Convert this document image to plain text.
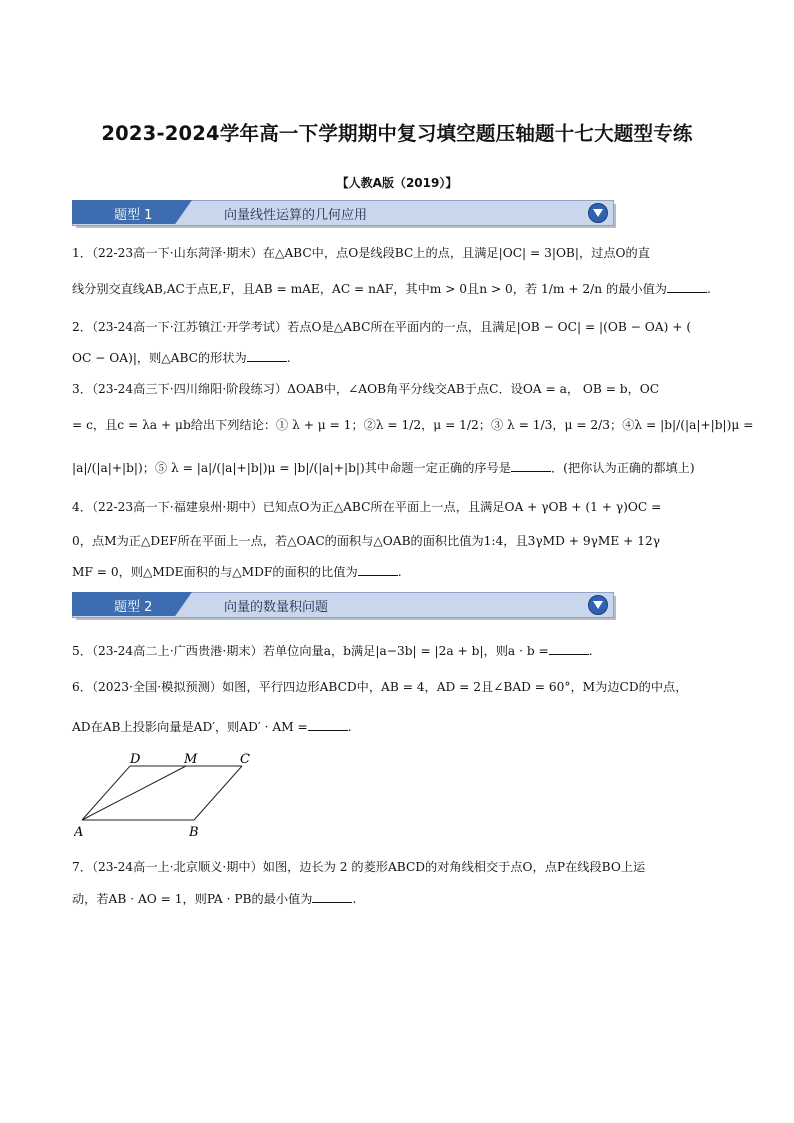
2023-2024学年高一下学期期中复习填空题压轴题十七大题型专练
【人教A版（2019）】
题型 1	向量线性运算的几何应用
1．（22-23高一下·山东菏泽·期末）在△ABC中，点O是线段BC上的点，且满足|OC| = 3|OB|，过点O的直
线分别交直线AB,AC于点E,F，且AB = mAE，AC = nAF，其中m > 0且n > 0，若 1/m + 2/n 的最小值为	.
2．（23-24高一下·江苏镇江·开学考试）若点O是△ABC所在平面内的一点，且满足|OB − OC| = |(OB − OA) + (
OC − OA)|，则△ABC的形状为	.
3．（23-24高三下·四川绵阳·阶段练习）ΔOAB中，∠AOB角平分线交AB于点C．设OA = a， OB = b，OC
= c，且c = λa + μb给出下列结论：① λ + μ = 1；②λ = 1/2，μ = 1/2；③ λ = 1/3，μ = 2/3；④λ = |b|/(|a|+|b|)μ =
|a|/(|a|+|b|)；⑤ λ = |a|/(|a|+|b|)μ = |b|/(|a|+|b|)其中命题一定正确的序号是	．(把你认为正确的都填上)
4．（22-23高一下·福建泉州·期中）已知点O为正△ABC所在平面上一点，且满足OA + γOB + (1 + γ)OC =
0，点M为正△DEF所在平面上一点，若△OAC的面积与△OAB的面积比值为1:4，且3γMD + 9γME + 12γ
MF = 0，则△MDE面积的与△MDF的面积的比值为	.
题型 2	向量的数量积问题
5．（23-24高二上·广西贵港·期末）若单位向量a，b满足|a−3b| = |2a + b|，则a · b =	.
6．（2023·全国·模拟预测）如图，平行四边形ABCD中，AB = 4，AD = 2且∠BAD = 60°，M为边CD的中点，
AD在AB上投影向量是AD′，则AD′ · AM =	.
D	M	C
A	B
7．（23-24高一上·北京顺义·期中）如图，边长为 2 的菱形ABCD的对角线相交于点O，点P在线段BO上运
动，若AB · AO = 1，则PA · PB的最小值为	.
